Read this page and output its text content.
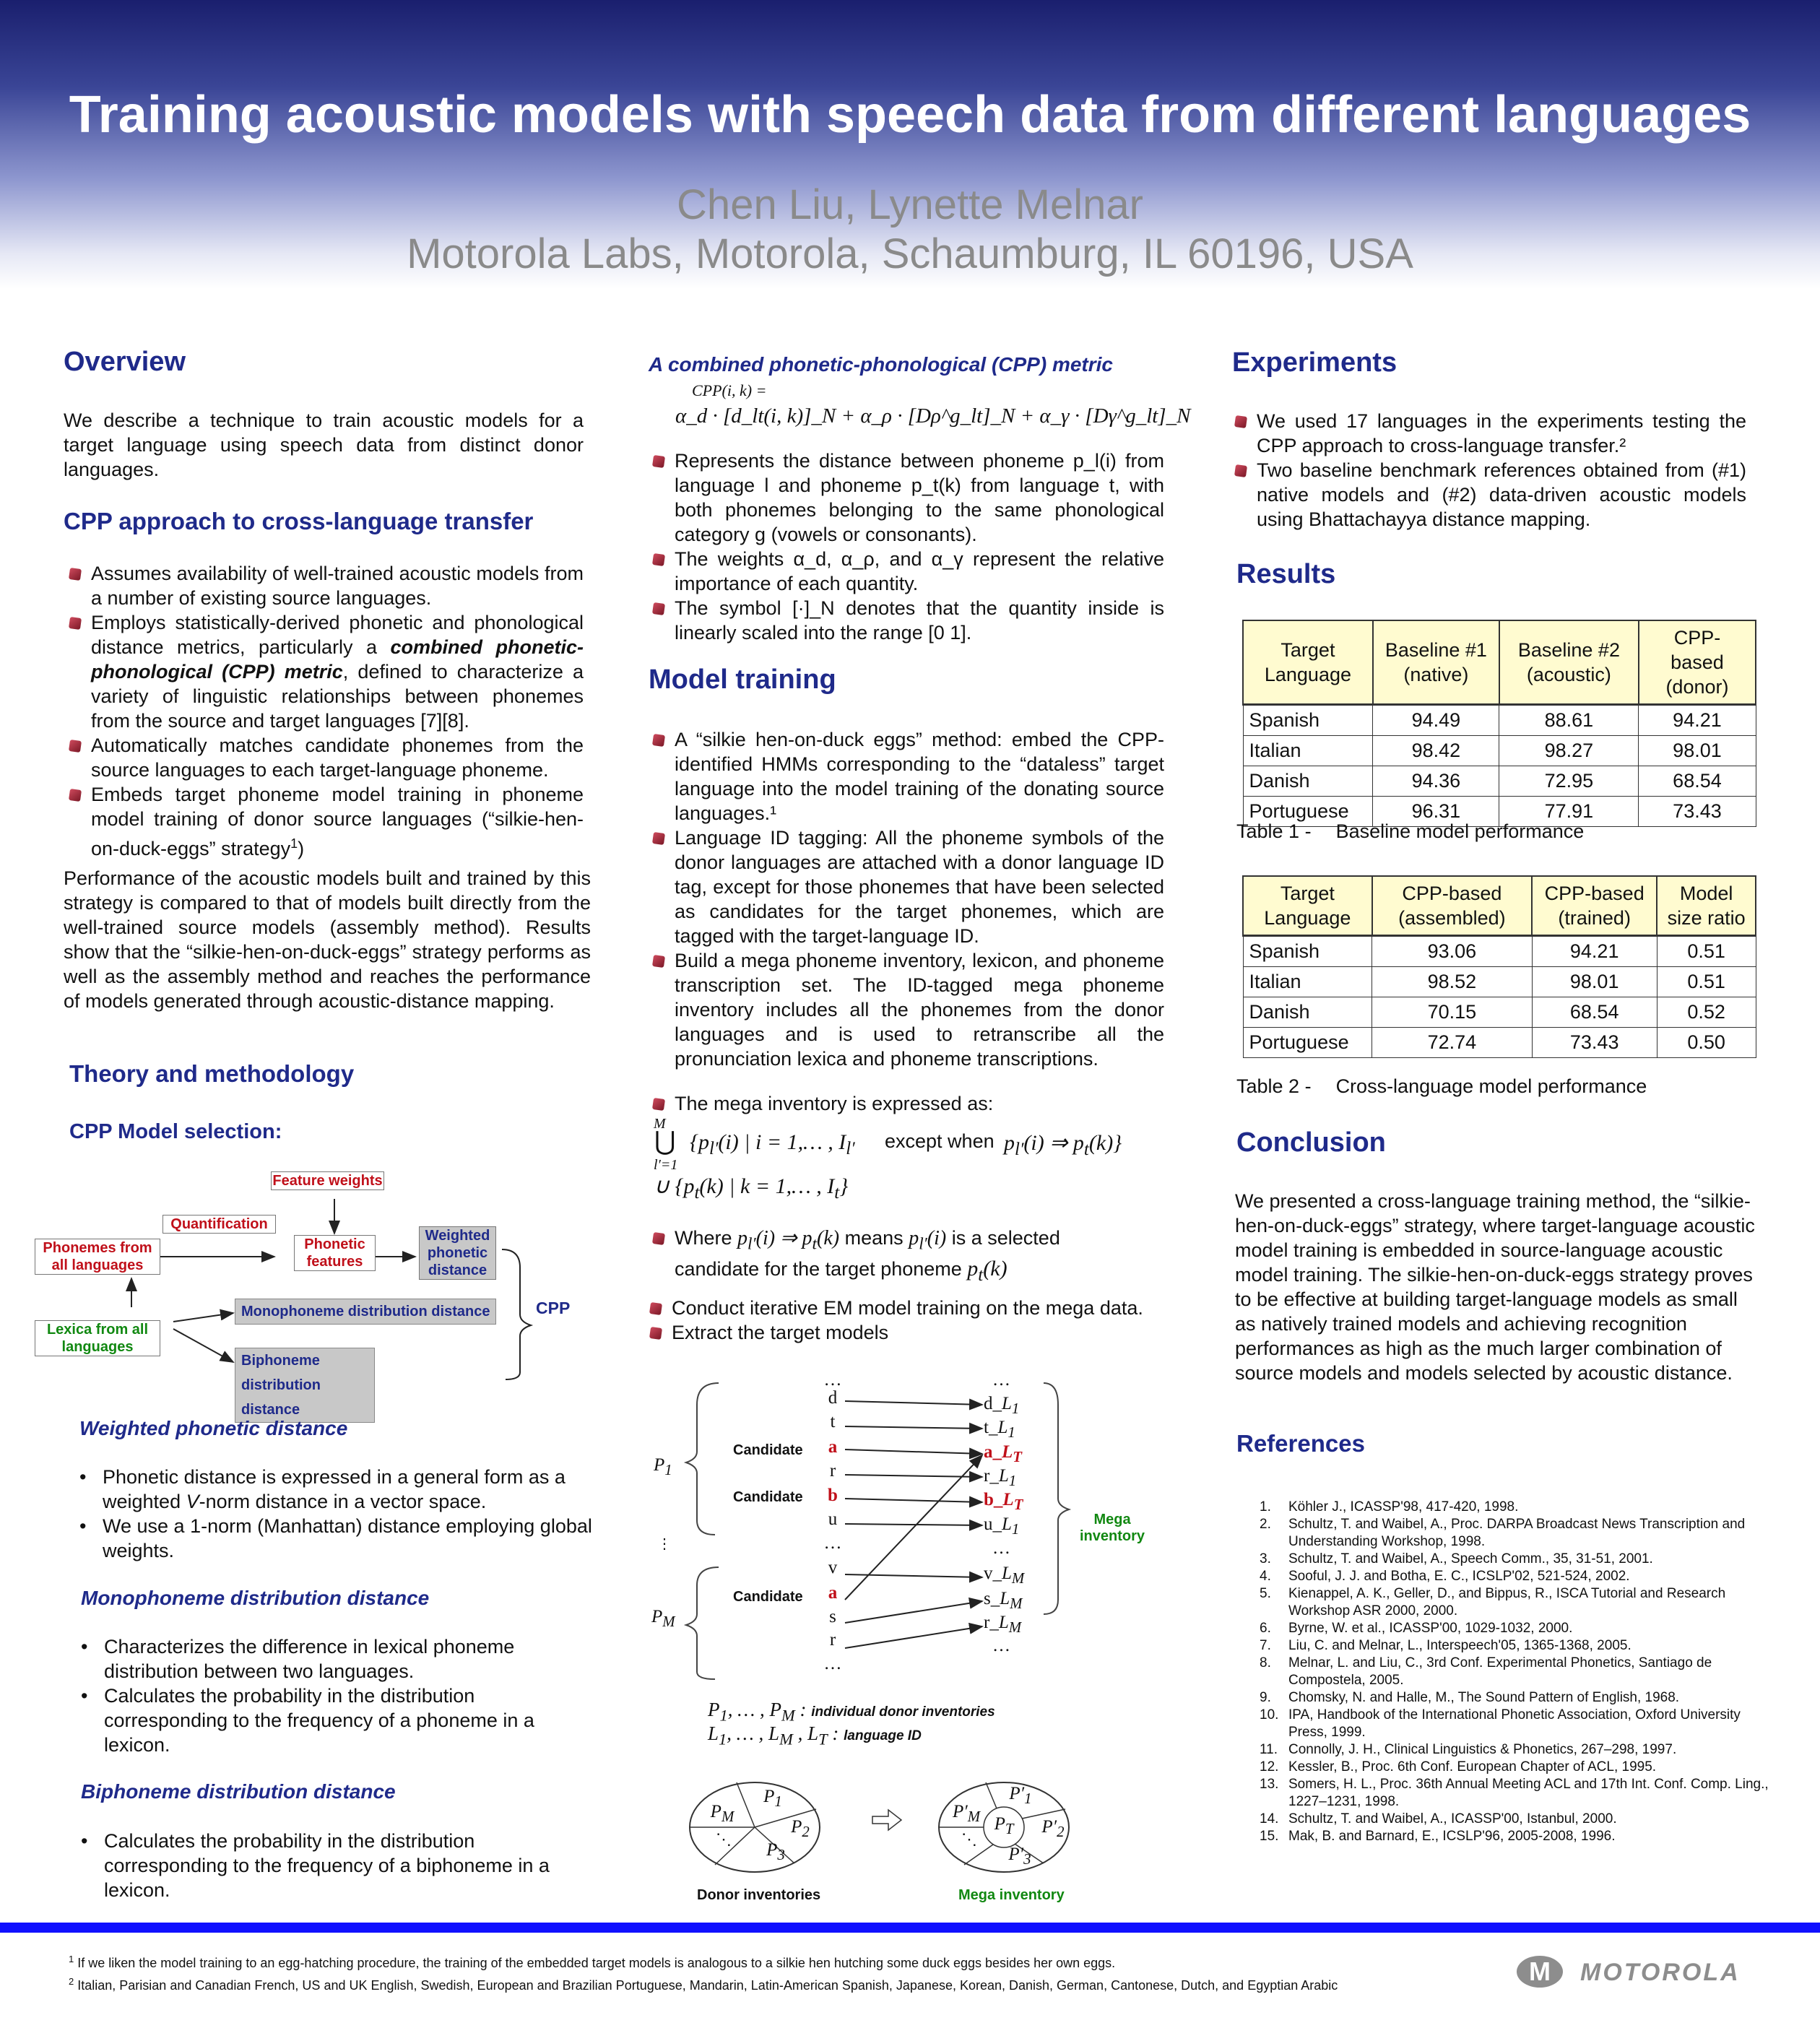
Training acoustic models with speech data from different languages
Chen Liu, Lynette Melnar
Motorola Labs, Motorola, Schaumburg, IL 60196, USA
Overview
We describe a technique to train acoustic models for a target language using speech data from distinct donor languages.
CPP approach to cross-language transfer
Assumes availability of well-trained acoustic models from a number of existing source languages.
Employs statistically-derived phonetic and phonological distance metrics, particularly a combined phonetic-phonological (CPP) metric, defined to characterize a variety of linguistic relationships between phonemes from the source and target languages [7][8].
Automatically matches candidate phonemes from the source languages to each target-language phoneme.
Embeds target phoneme model training in phoneme model training of donor source languages (“silkie-hen-on-duck-eggs” strategy$^1$)
Performance of the acoustic models built and trained by this strategy is compared to that of models built directly from the well-trained source models (assembly method). Results show that the “silkie-hen-on-duck-eggs” strategy performs as well as the assembly method and reaches the performance of models generated through acoustic-distance mapping.
Theory and methodology
CPP Model selection:
Feature weights
Quantification
Phonemes from all languages
Phonetic features
Weighted phonetic distance
Lexica from all languages
Monophoneme distribution distance
Biphoneme distribution distance
CPP
Weighted phonetic distance
• Phonetic distance is expressed in a general form as a weighted V-norm distance in a vector space.
• We use a 1-norm (Manhattan) distance employing global weights.
Monophoneme distribution distance
• Characterizes the difference in lexical phoneme distribution between two languages.
• Calculates the probability in the distribution corresponding to the frequency of a phoneme in a lexicon.
Biphoneme distribution distance
• Calculates the probability in the distribution corresponding to the frequency of a biphoneme in a lexicon.
A combined phonetic-phonological (CPP) metric
CPP(i, k) =
α_d · [d_lt(i, k)]_N + α_ρ · [Dρ^g_lt]_N + α_γ · [Dγ^g_lt]_N
Represents the distance between phoneme p_l(i) from language l and phoneme p_t(k) from language t, with both phonemes belonging to the same phonological category g (vowels or consonants).
The weights α_d, α_ρ, and α_γ represent the relative importance of each quantity.
The symbol [·]_N denotes that the quantity inside is linearly scaled into the range [0 1].
Model training
A “silkie hen-on-duck eggs” method: embed the CPP-identified HMMs corresponding to the “dataless” target language into the model training of the donating source languages.¹
Language ID tagging: All the phoneme symbols of the donor languages are attached with a donor language ID tag, except for those phonemes that have been selected as candidates for the target phonemes, which are tagged with the target-language ID.
Build a mega phoneme inventory, lexicon, and phoneme transcription set. The ID-tagged mega phoneme inventory includes all the phonemes from the donor languages and is used to retranscribe all the pronunciation lexica and phoneme transcriptions.
The mega inventory is expressed as:
M
⋃
l′=1
{$p_{l'}(i)$ | i = 1,… , $I_{l'}$ except when $p_{l'}(i)$ ⇒ $p_t(k)$}
∪ {$p_t(k)$ | k = 1,… , $I_t$}
Where $p_{l'}(i)$ ⇒ $p_t(k)$ means $p_{l'}(i)$ is a selected
candidate for the target phoneme $p_t(k)$
Conduct iterative EM model training on the mega data.
Extract the target models
$P_1$
⋮
$P_M$
Candidate
Candidate
Candidate
…
d
t
a
r
b
u
…
v
a
s
r
…
…
$d\_L_1$
$t\_L_1$
$a\_L_T$
$r\_L_1$
$b\_L_T$
$u\_L_1$
…
$v\_L_M$
$s\_L_M$
$r\_L_M$
…
Mega inventory
$P_1$, … , $P_M$ : individual donor inventories
$L_1$, … , $L_M$ , $L_T$ : language ID
$P_1$
$P_M$
$P_2$
⋱
$P_3$
$P'_1$
$P'_M$ $P_T$	$P'_2$
⋱
$P'_3$
Donor inventories	Mega inventory
Experiments
We used 17 languages in the experiments testing the CPP approach to cross-language transfer.²
Two baseline benchmark references obtained from (#1) native models and (#2) data-driven acoustic models using Bhattachayya distance mapping.
Results
Target Language	Baseline #1 (native)	Baseline #2 (acoustic)	CPP-based (donor)
Spanish	94.49	88.61	94.21
Italian	98.42	98.27	98.01
Danish	94.36	72.95	68.54
Portuguese	96.31	77.91	73.43
Table 1 - Baseline model performance
Target Language	CPP-based (assembled)	CPP-based (trained)	Model size ratio
Spanish	93.06	94.21	0.51
Italian	98.52	98.01	0.51
Danish	70.15	68.54	0.52
Portuguese	72.74	73.43	0.50
Table 2 - Cross-language model performance
Conclusion
We presented a cross-language training method, the “silkie-hen-on-duck-eggs” strategy, where target-language acoustic model training is embedded in source-language acoustic model training. The silkie-hen-on-duck-eggs strategy proves to be effective at building target-language models as small as natively trained models and achieving recognition performances as high as the much larger combination of source models and models selected by acoustic distance.
References
1. Köhler J., ICASSP'98, 417-420, 1998.
2. Schultz, T. and Waibel, A., Proc. DARPA Broadcast News Transcription and Understanding Workshop, 1998.
3. Schultz, T. and Waibel, A., Speech Comm., 35, 31-51, 2001.
4. Sooful, J. J. and Botha, E. C., ICSLP'02, 521-524, 2002.
5. Kienappel, A. K., Geller, D., and Bippus, R., ISCA Tutorial and Research Workshop ASR 2000, 2000.
6. Byrne, W. et al., ICASSP'00, 1029-1032, 2000.
7. Liu, C. and Melnar, L., Interspeech'05, 1365-1368, 2005.
8. Melnar, L. and Liu, C., 3rd Conf. Experimental Phonetics, Santiago de Compostela, 2005.
9. Chomsky, N. and Halle, M., The Sound Pattern of English, 1968.
10. IPA, Handbook of the International Phonetic Association, Oxford University Press, 1999.
11. Connolly, J. H., Clinical Linguistics & Phonetics, 267–298, 1997.
12. Kessler, B., Proc. 6th Conf. European Chapter of ACL, 1995.
13. Somers, H. L., Proc. 36th Annual Meeting ACL and 17th Int. Conf. Comp. Ling., 1227–1231, 1998.
14. Schultz, T. and Waibel, A., ICASSP'00, Istanbul, 2000.
15. Mak, B. and Barnard, E., ICSLP'96, 2005-2008, 1996.
$^1$ If we liken the model training to an egg-hatching procedure, the training of the embedded target models is analogous to a silkie hen hutching some duck eggs besides her own eggs.
$^2$ Italian, Parisian and Canadian French, US and UK English, Swedish, European and Brazilian Portuguese, Mandarin, Latin-American Spanish, Japanese, Korean, Danish, German, Cantonese, Dutch, and Egyptian Arabic	M	MOTOROLA
